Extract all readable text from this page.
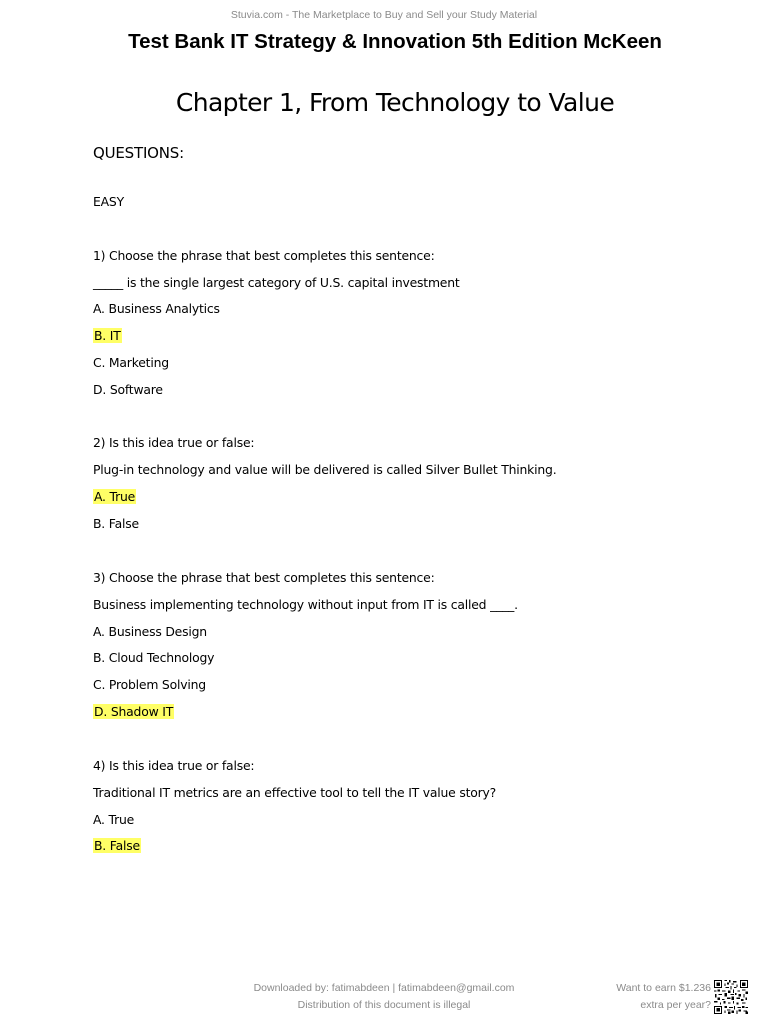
Stuvia.com - The Marketplace to Buy and Sell your Study Material
Test Bank IT Strategy & Innovation 5th Edition McKeen
Chapter 1, From Technology to Value
QUESTIONS:
EASY
1) Choose the phrase that best completes this sentence:
_____ is the single largest category of U.S. capital investment
A. Business Analytics
B. IT
C. Marketing
D. Software
2) Is this idea true or false:
Plug-in technology and value will be delivered is called Silver Bullet Thinking.
A. True
B. False
3) Choose the phrase that best completes this sentence:
Business implementing technology without input from IT is called ____.
A. Business Design
B. Cloud Technology
C. Problem Solving
D. Shadow IT
4) Is this idea true or false:
Traditional IT metrics are an effective tool to tell the IT value story?
A. True
B. False
Downloaded by: fatimabdeen | fatimabdeen@gmail.com
Distribution of this document is illegal
Want to earn $1.236
extra per year?
